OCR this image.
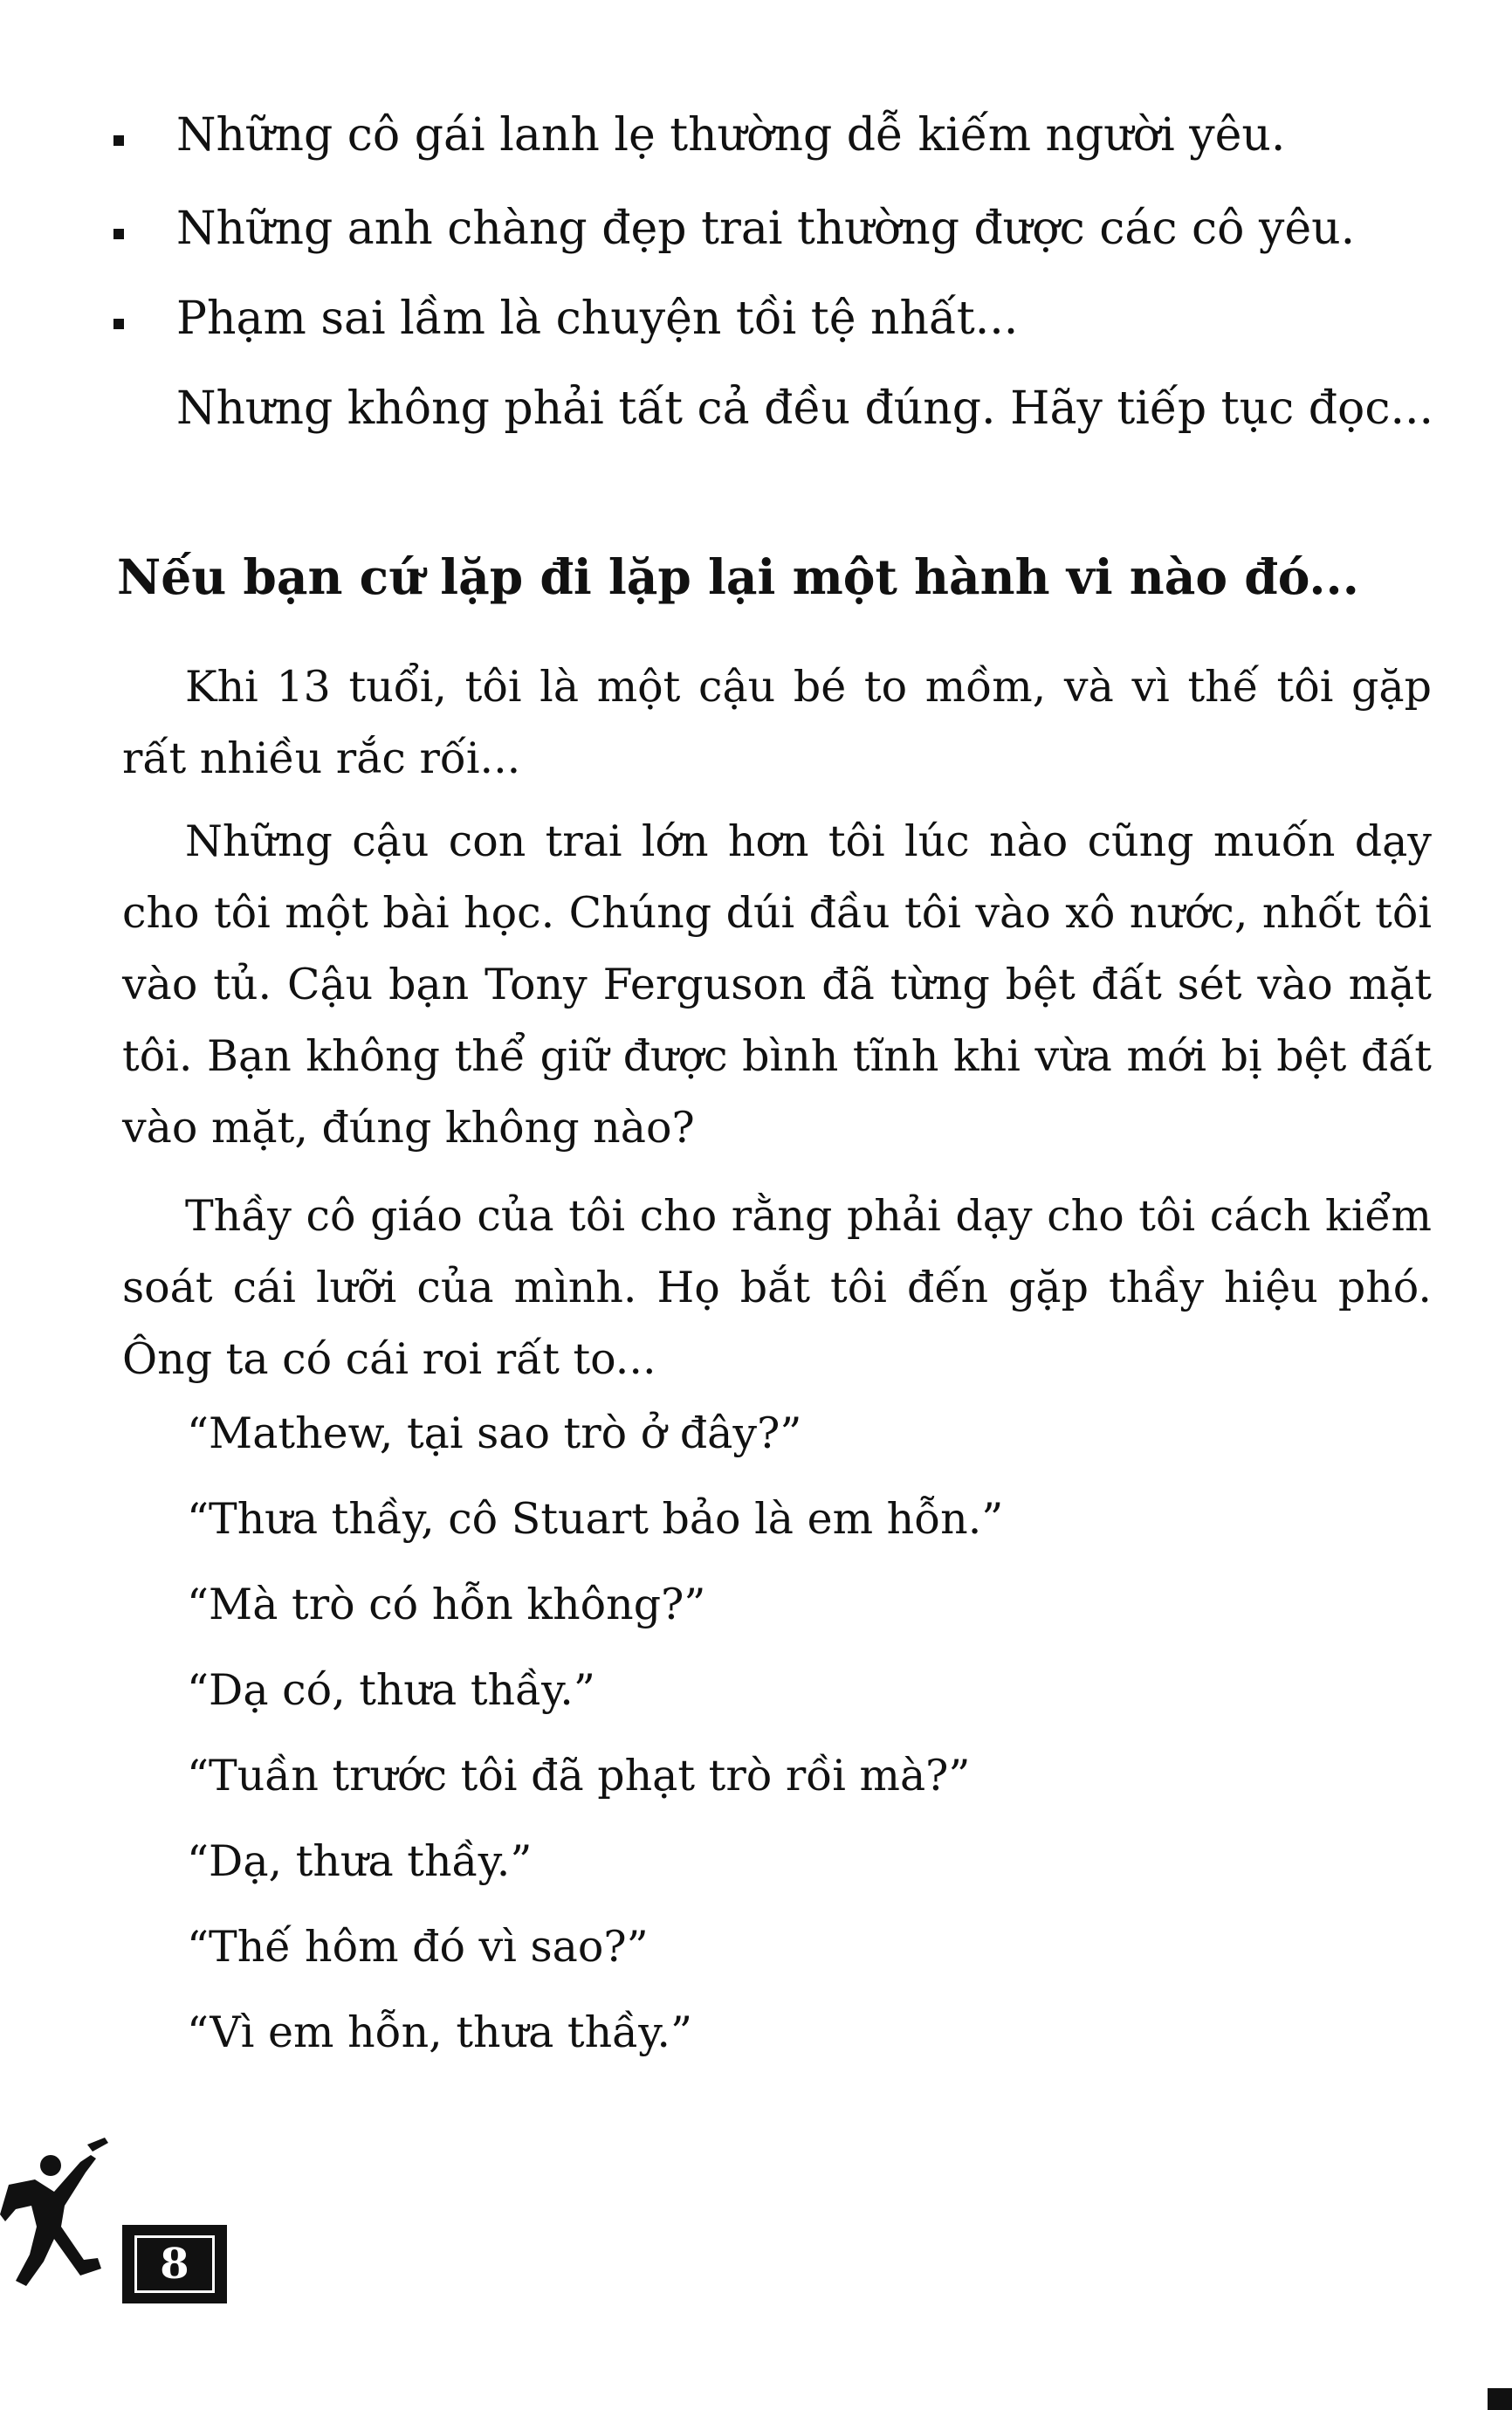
Những cô gái lanh lẹ thường dễ kiếm người yêu.
Những anh chàng đẹp trai thường được các cô yêu.
Phạm sai lầm là chuyện tồi tệ nhất...
Nhưng không phải tất cả đều đúng. Hãy tiếp tục đọc...
Nếu bạn cứ lặp đi lặp lại một hành vi nào đó...

Khi 13 tuổi, tôi là một cậu bé to mồm, và vì thế tôi gặp rất nhiều rắc rối...

Những cậu con trai lớn hơn tôi lúc nào cũng muốn dạy cho tôi một bài học. Chúng dúi đầu tôi vào xô nước, nhốt tôi vào tủ. Cậu bạn Tony Ferguson đã từng bệt đất sét vào mặt tôi. Bạn không thể giữ được bình tĩnh khi vừa mới bị bệt đất vào mặt, đúng không nào?

Thầy cô giáo của tôi cho rằng phải dạy cho tôi cách kiểm soát cái lưỡi của mình. Họ bắt tôi đến gặp thầy hiệu phó. Ông ta có cái roi rất to...

“Mathew, tại sao trò ở đây?”
“Thưa thầy, cô Stuart bảo là em hỗn.”
“Mà trò có hỗn không?”
“Dạ có, thưa thầy.”
“Tuần trước tôi đã phạt trò rồi mà?”
“Dạ, thưa thầy.”
“Thế hôm đó vì sao?”
“Vì em hỗn, thưa thầy.”
8
